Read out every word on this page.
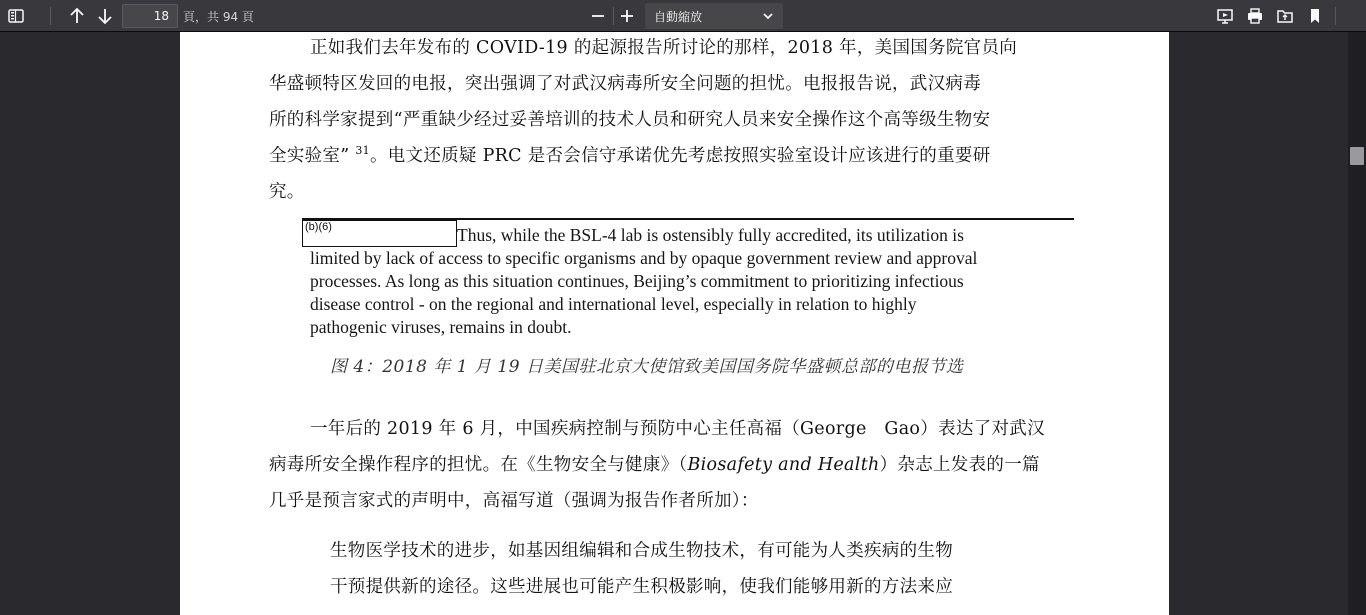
18
頁，共 94 頁	自動縮放
正如我们去年发布的 COVID-19 的起源报告所讨论的那样，2018 年，美国国务院官员向
华盛顿特区发回的电报，突出强调了对武汉病毒所安全问题的担忧。电报报告说，武汉病毒
所的科学家提到“严重缺少经过妥善培训的技术人员和研究人员来安全操作这个高等级生物安
全实验室” $^{31}$。电文还质疑 PRC 是否会信守承诺优先考虑按照实验室设计应该进行的重要研
究。
(b)(6)	Thus, while the BSL-4 lab is ostensibly fully accredited, its utilization is
limited by lack of access to specific organisms and by opaque government review and approval
processes. As long as this situation continues, Beijing’s commitment to prioritizing infectious
disease control - on the regional and international level, especially in relation to highly
pathogenic viruses, remains in doubt.
图 4：2018 年 1 月 19 日美国驻北京大使馆致美国国务院华盛顿总部的电报节选
一年后的 2019 年 6 月，中国疾病控制与预防中心主任高福（George　Gao）表达了对武汉
病毒所安全操作程序的担忧。在《生物安全与健康》（Biosafety and Health）杂志上发表的一篇
几乎是预言家式的声明中，高福写道（强调为报告作者所加）：
生物医学技术的进步，如基因组编辑和合成生物技术，有可能为人类疾病的生物
干预提供新的途径。这些进展也可能产生积极影响，使我们能够用新的方法来应
